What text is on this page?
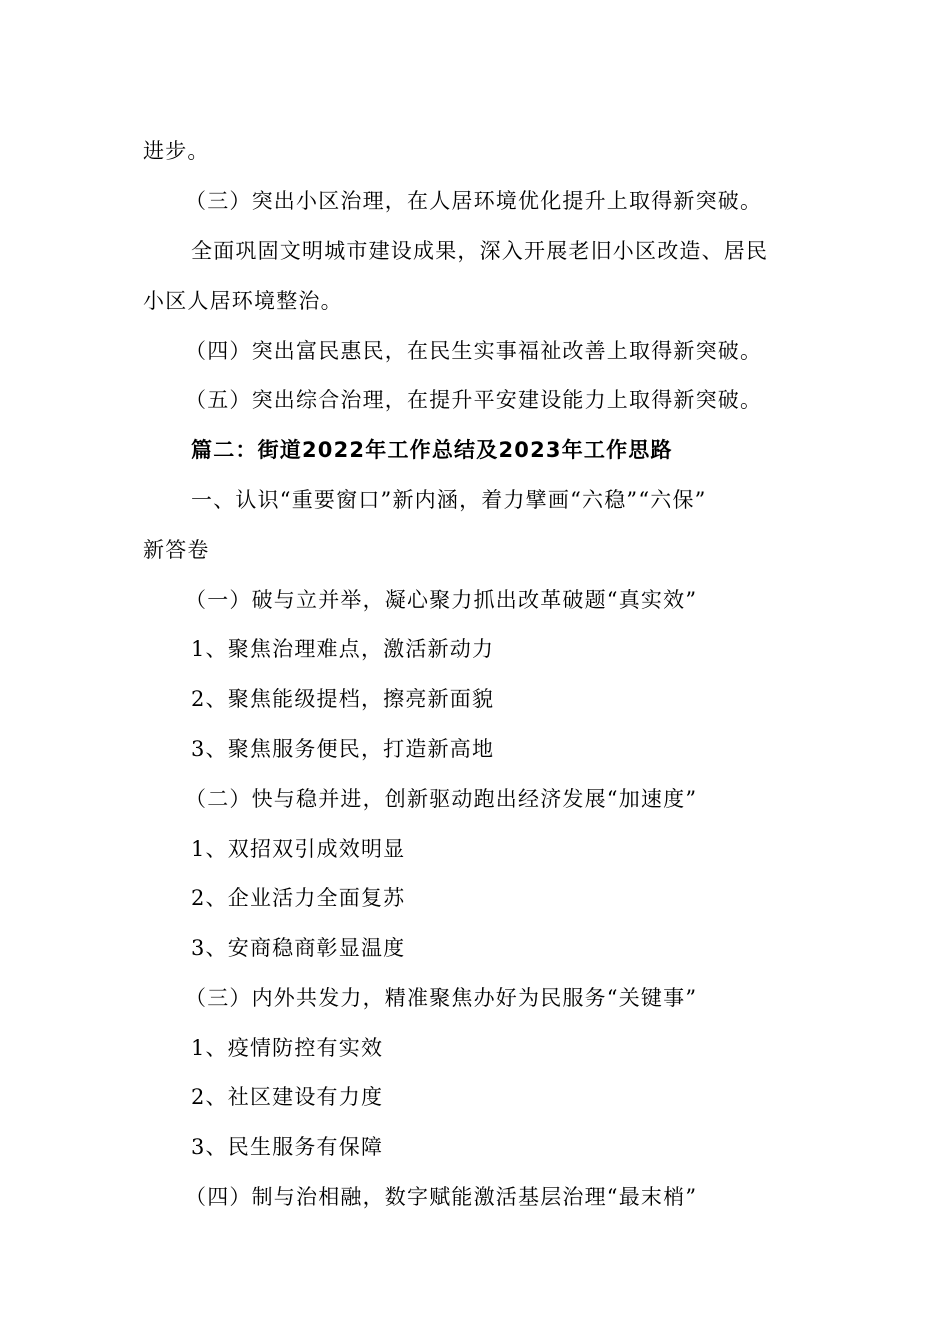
进步。
（三）突出小区治理，在人居环境优化提升上取得新突破。
全面巩固文明城市建设成果，深入开展老旧小区改造、居民
小区人居环境整治。
（四）突出富民惠民，在民生实事福祉改善上取得新突破。
（五）突出综合治理，在提升平安建设能力上取得新突破。
篇二：街道2022年工作总结及2023年工作思路
一、认识“重要窗口”新内涵，着力擘画“六稳”“六保”
新答卷
（一）破与立并举，凝心聚力抓出改革破题“真实效”
1、聚焦治理难点，激活新动力
2、聚焦能级提档，擦亮新面貌
3、聚焦服务便民，打造新高地
（二）快与稳并进，创新驱动跑出经济发展“加速度”
1、双招双引成效明显
2、企业活力全面复苏
3、安商稳商彰显温度
（三）内外共发力，精准聚焦办好为民服务“关键事”
1、疫情防控有实效
2、社区建设有力度
3、民生服务有保障
（四）制与治相融，数字赋能激活基层治理“最末梢”
